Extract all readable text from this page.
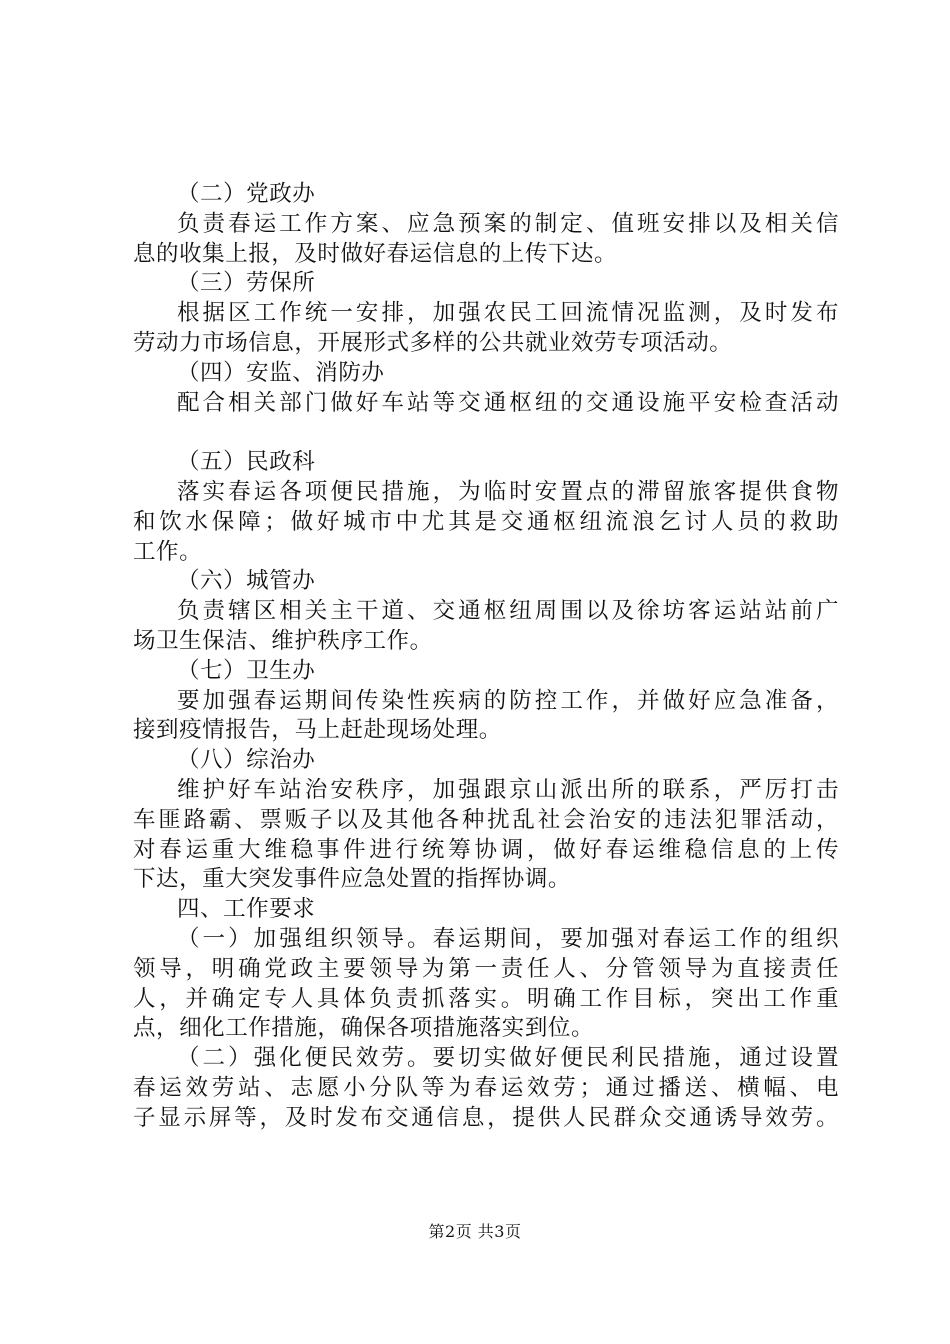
（二）党政办
负责春运工作方案、应急预案的制定、值班安排以及相关信
息的收集上报，及时做好春运信息的上传下达。
（三）劳保所
根据区工作统一安排，加强农民工回流情况监测，及时发布
劳动力市场信息，开展形式多样的公共就业效劳专项活动。
（四）安监、消防办
配合相关部门做好车站等交通枢纽的交通设施平安检查活动
（五）民政科
落实春运各项便民措施，为临时安置点的滞留旅客提供食物
和饮水保障；做好城市中尤其是交通枢纽流浪乞讨人员的救助
工作。
（六）城管办
负责辖区相关主干道、交通枢纽周围以及徐坊客运站站前广
场卫生保洁、维护秩序工作。
（七）卫生办
要加强春运期间传染性疾病的防控工作，并做好应急准备，
接到疫情报告，马上赶赴现场处理。
（八）综治办
维护好车站治安秩序，加强跟京山派出所的联系，严厉打击
车匪路霸、票贩子以及其他各种扰乱社会治安的违法犯罪活动，
对春运重大维稳事件进行统筹协调，做好春运维稳信息的上传
下达，重大突发事件应急处置的指挥协调。
四、工作要求
（一）加强组织领导。春运期间，要加强对春运工作的组织
领导，明确党政主要领导为第一责任人、分管领导为直接责任
人，并确定专人具体负责抓落实。明确工作目标，突出工作重
点，细化工作措施，确保各项措施落实到位。
（二）强化便民效劳。要切实做好便民利民措施，通过设置
春运效劳站、志愿小分队等为春运效劳；通过播送、横幅、电
子显示屏等，及时发布交通信息，提供人民群众交通诱导效劳。
第2页 共3页
